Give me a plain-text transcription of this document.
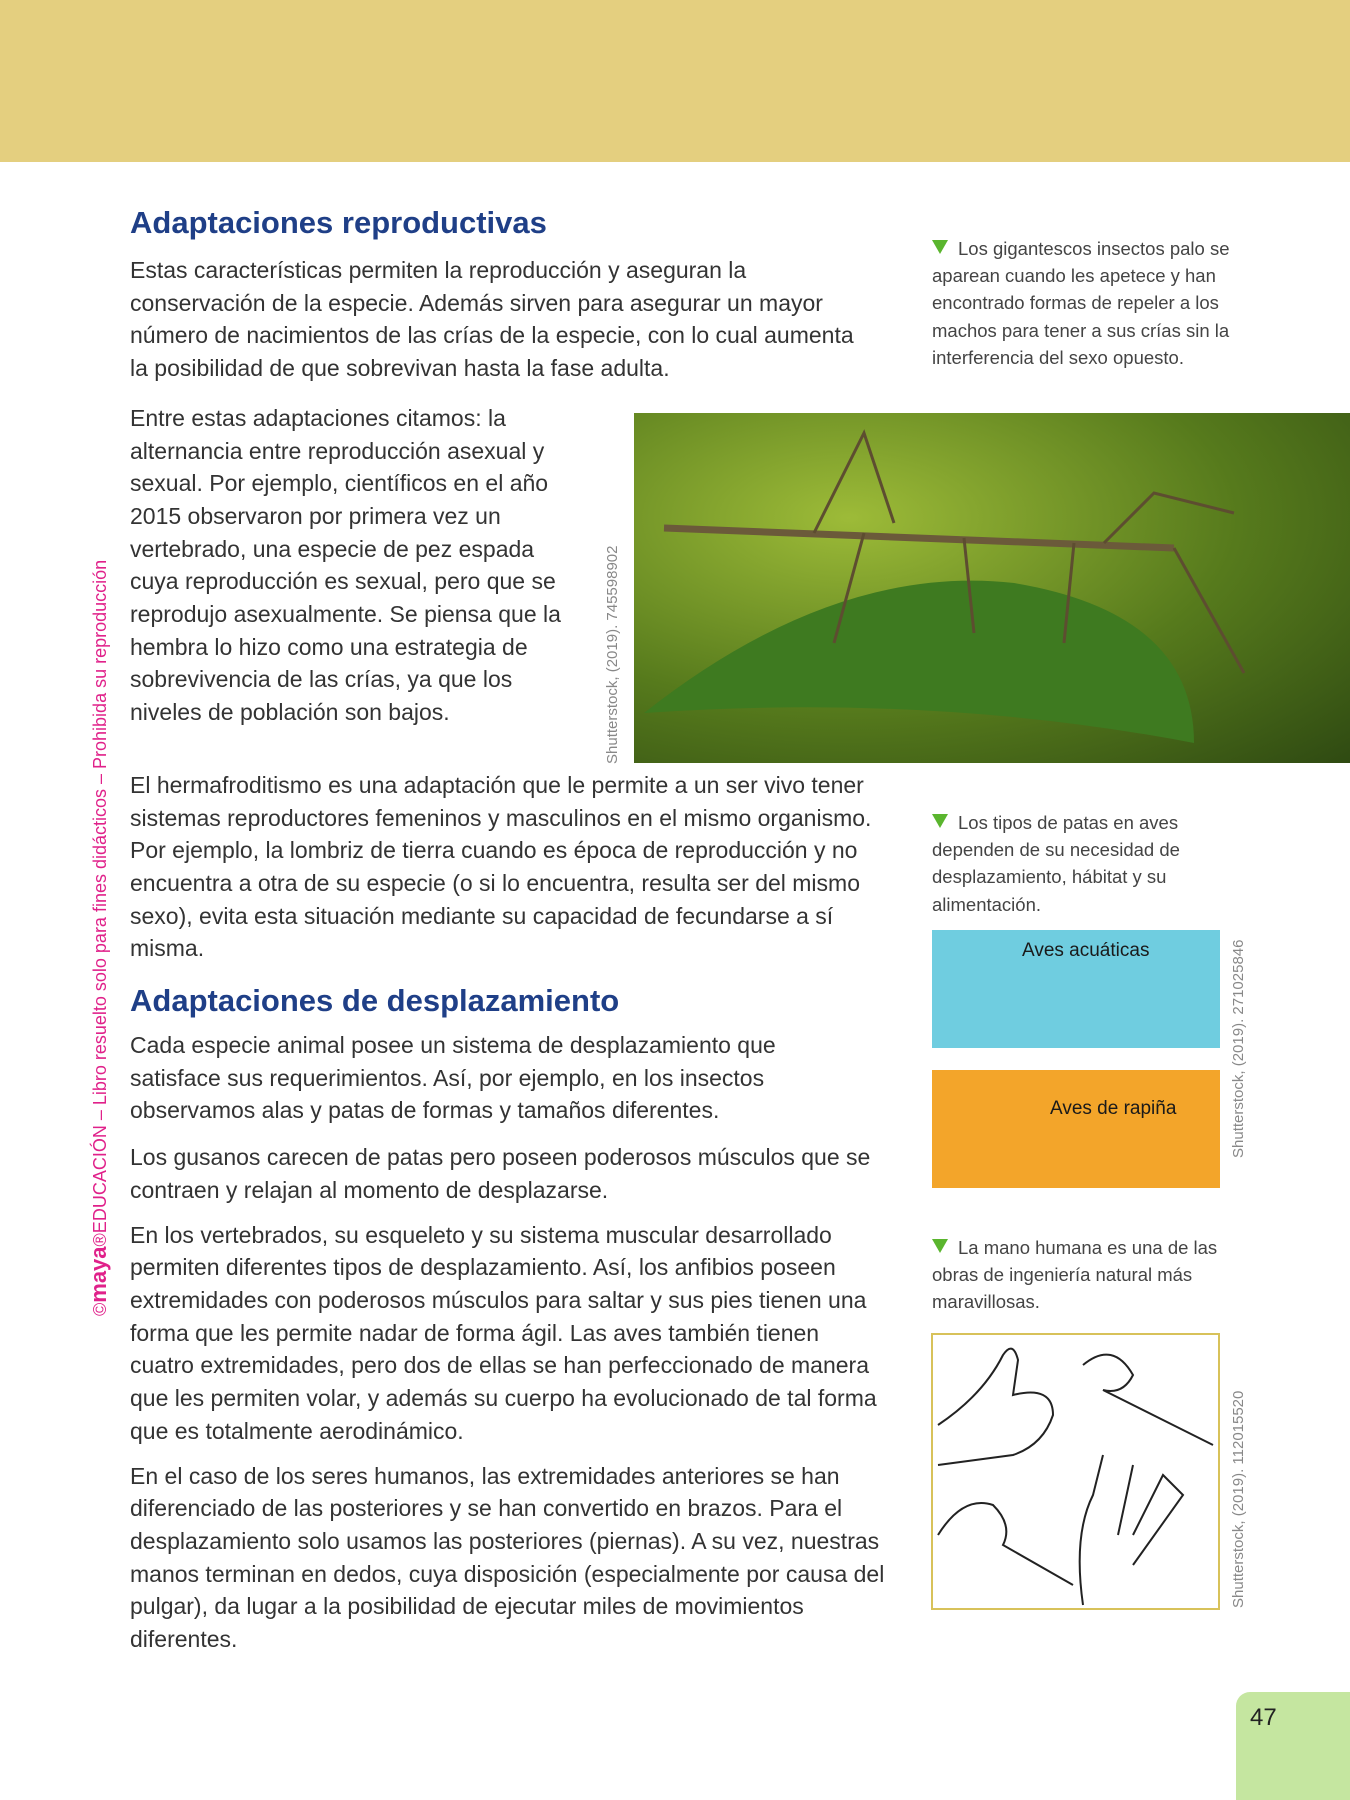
©maya®EDUCACIÓN – Libro resuelto solo para fines didácticos – Prohibida su reproducción
Adaptaciones reproductivas
Estas características permiten la reproducción y aseguran la conservación de la especie. Además sirven para asegurar un mayor número de nacimientos de las crías de la especie, con lo cual aumenta la posibilidad de que sobrevivan hasta la fase adulta.
Entre estas adaptaciones citamos: la alternancia entre reproducción asexual y sexual. Por ejemplo, científicos en el año 2015 observaron por primera vez un vertebrado, una especie de pez espada cuya reproducción es sexual, pero que se reprodujo asexualmente. Se piensa que la hembra lo hizo como una estrategia de sobrevivencia de las crías, ya que los niveles de población son bajos.
El hermafroditismo es una adaptación que le permite a un ser vivo tener sistemas reproductores femeninos y masculinos en el mismo organismo. Por ejemplo, la lombriz de tierra cuando es época de reproducción y no encuentra a otra de su especie (o si lo encuentra, resulta ser del mismo sexo), evita esta situación mediante su capacidad de fecundarse a sí misma.
Adaptaciones de desplazamiento
Cada especie animal posee un sistema de desplazamiento que satisface sus requerimientos. Así, por ejemplo, en los insectos observamos alas y patas de formas y tamaños diferentes.
Los gusanos carecen de patas pero poseen poderosos músculos que se contraen y relajan al momento de desplazarse.
En los vertebrados, su esqueleto y su sistema muscular desarrollado permiten diferentes tipos de desplazamiento. Así, los anfibios poseen extremidades con poderosos músculos para saltar y sus pies tienen una forma que les permite nadar de forma ágil. Las aves también tienen cuatro extremidades, pero dos de ellas se han perfeccionado de manera que les permiten volar, y además su cuerpo ha evolucionado de tal forma que es totalmente aerodinámico.
En el caso de los seres humanos, las extremidades anteriores se han diferenciado de las posteriores y se han convertido en brazos. Para el desplazamiento solo usamos las posteriores (piernas). A su vez, nuestras manos terminan en dedos, cuya disposición (especialmente por causa del pulgar), da lugar a la posibilidad de ejecutar miles de movimientos diferentes.
Los gigantescos insectos palo se aparean cuando les apetece y han encontrado formas de repeler a los machos para tener a sus crías sin la interferencia del sexo opuesto.
Shutterstock, (2019). 745598902
Los tipos de patas en aves dependen de su necesidad de desplazamiento, hábitat y su alimentación.
Aves acuáticas
Aves de rapiña	Shutterstock, (2019). 271025846
La mano humana es una de las obras de ingeniería natural más maravillosas.
Shutterstock, (2019). 112015520
47
